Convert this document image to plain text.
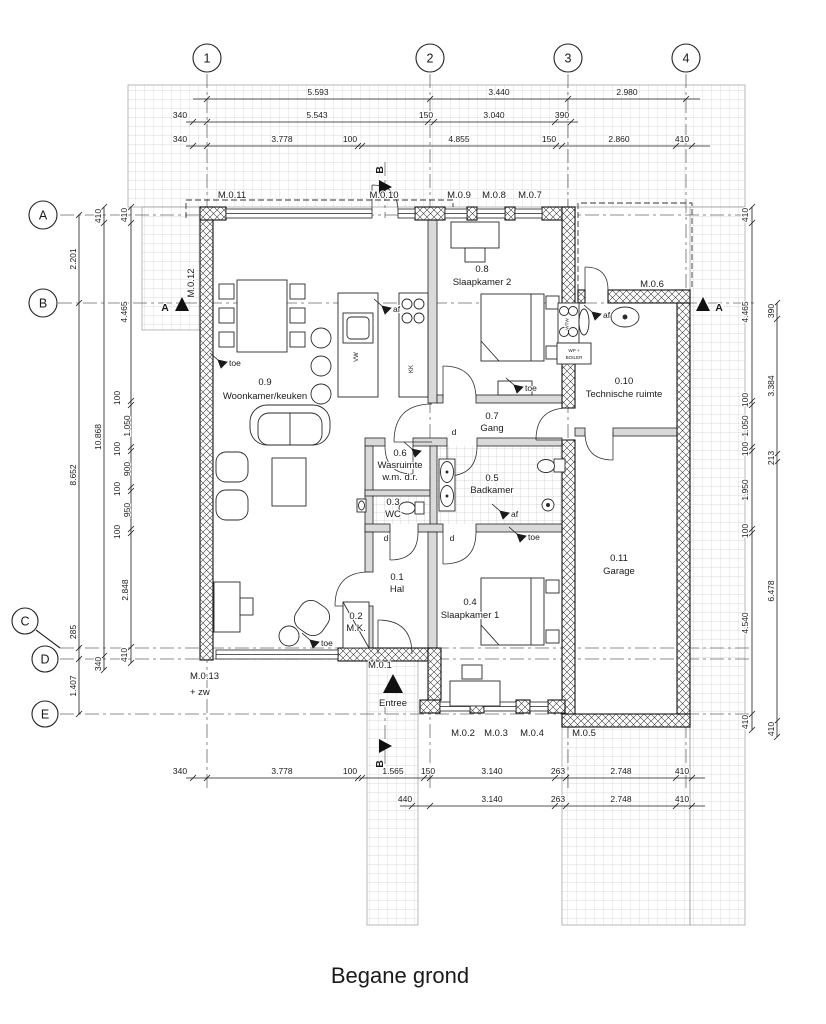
5.593	3.440	2.980
340	5.543	150	3.040	390
340	3.778	100	4.855	150	2.860	410
340	3.778	100	1.565 150	3.140	263	2.748	410
440	3.140	263	2.748	410
2.201
8.652
285
1.407
410
10.868
340
410
4.465
100
1.050
100
900
100
950
100
2.848
410
410
4.465
100
1.050
100
1.950
100
4.540
410
390
3.384
213
6.478
410
1	2	3	4
A
B
C
D
E
A	A
B
B
Entree
0.1
Hal
0.2
M.K.
0.3
WC
0.4
Slaapkamer 1
0.5
Badkamer
0.6
Wasruimte
w.m. d.r.
0.7
Gang
0.8
Slaapkamer 2
0.9
Woonkamer/keuken
0.10
Technische ruimte
0.11
Garage
M.0.11	M.0.10	M.0.9 M.0.8 M.0.7
M.0.6
M.0.12
M.0.13
+ zw
M.0.1
M.0.2 M.0.3 M.0.4	M.0.5
toe
af
af
toe
af
toe
toe
d
d	d
VW
KK
WTW
WP +
BOILER
Begane grond
